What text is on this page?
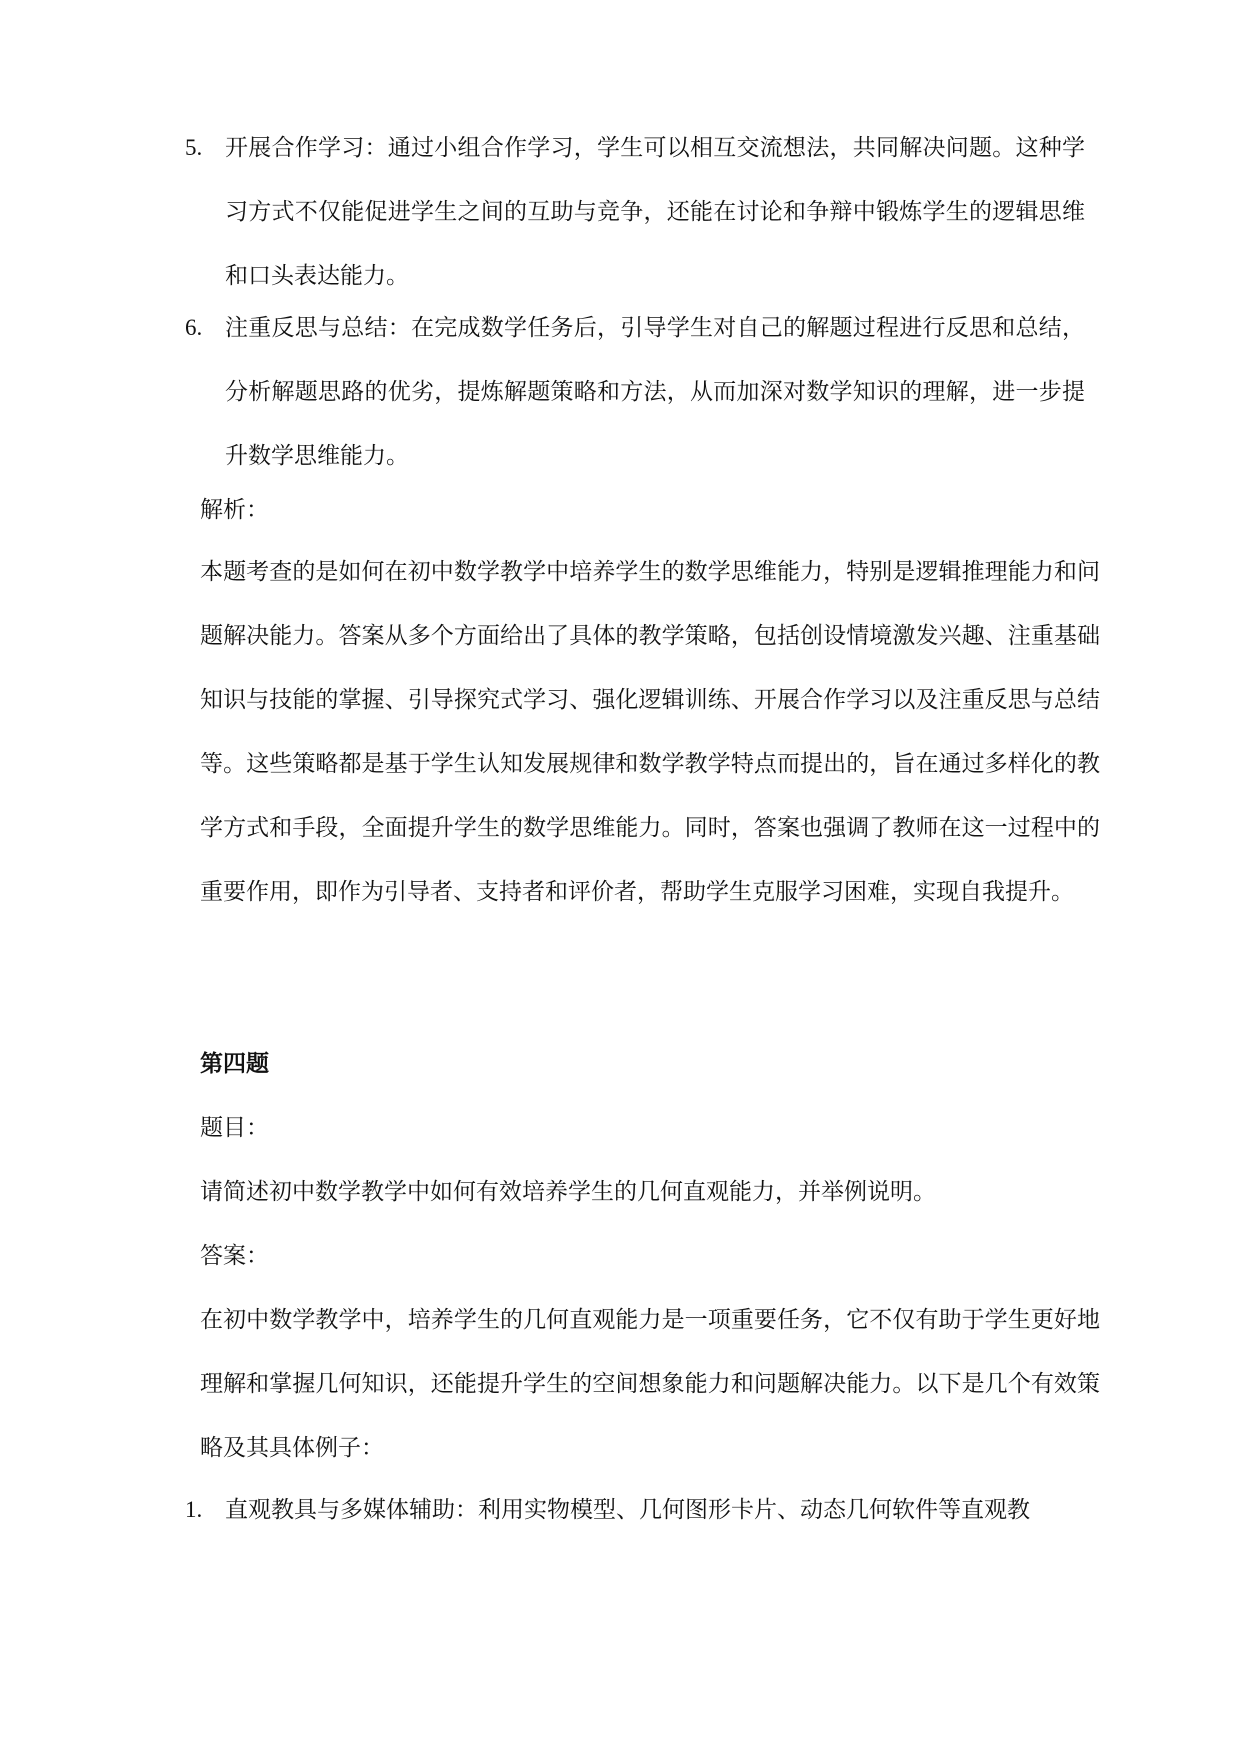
5. 开展合作学习：通过小组合作学习，学生可以相互交流想法，共同解决问题。这种学习方式不仅能促进学生之间的互助与竞争，还能在讨论和争辩中锻炼学生的逻辑思维和口头表达能力。
6. 注重反思与总结：在完成数学任务后，引导学生对自己的解题过程进行反思和总结，分析解题思路的优劣，提炼解题策略和方法，从而加深对数学知识的理解，进一步提升数学思维能力。
解析：
本题考查的是如何在初中数学教学中培养学生的数学思维能力，特别是逻辑推理能力和问题解决能力。答案从多个方面给出了具体的教学策略，包括创设情境激发兴趣、注重基础知识与技能的掌握、引导探究式学习、强化逻辑训练、开展合作学习以及注重反思与总结等。这些策略都是基于学生认知发展规律和数学教学特点而提出的，旨在通过多样化的教学方式和手段，全面提升学生的数学思维能力。同时，答案也强调了教师在这一过程中的重要作用，即作为引导者、支持者和评价者，帮助学生克服学习困难，实现自我提升。
第四题
题目：
请简述初中数学教学中如何有效培养学生的几何直观能力，并举例说明。
答案：
在初中数学教学中，培养学生的几何直观能力是一项重要任务，它不仅有助于学生更好地理解和掌握几何知识，还能提升学生的空间想象能力和问题解决能力。以下是几个有效策略及其具体例子：
1. 直观教具与多媒体辅助：利用实物模型、几何图形卡片、动态几何软件等直观教
